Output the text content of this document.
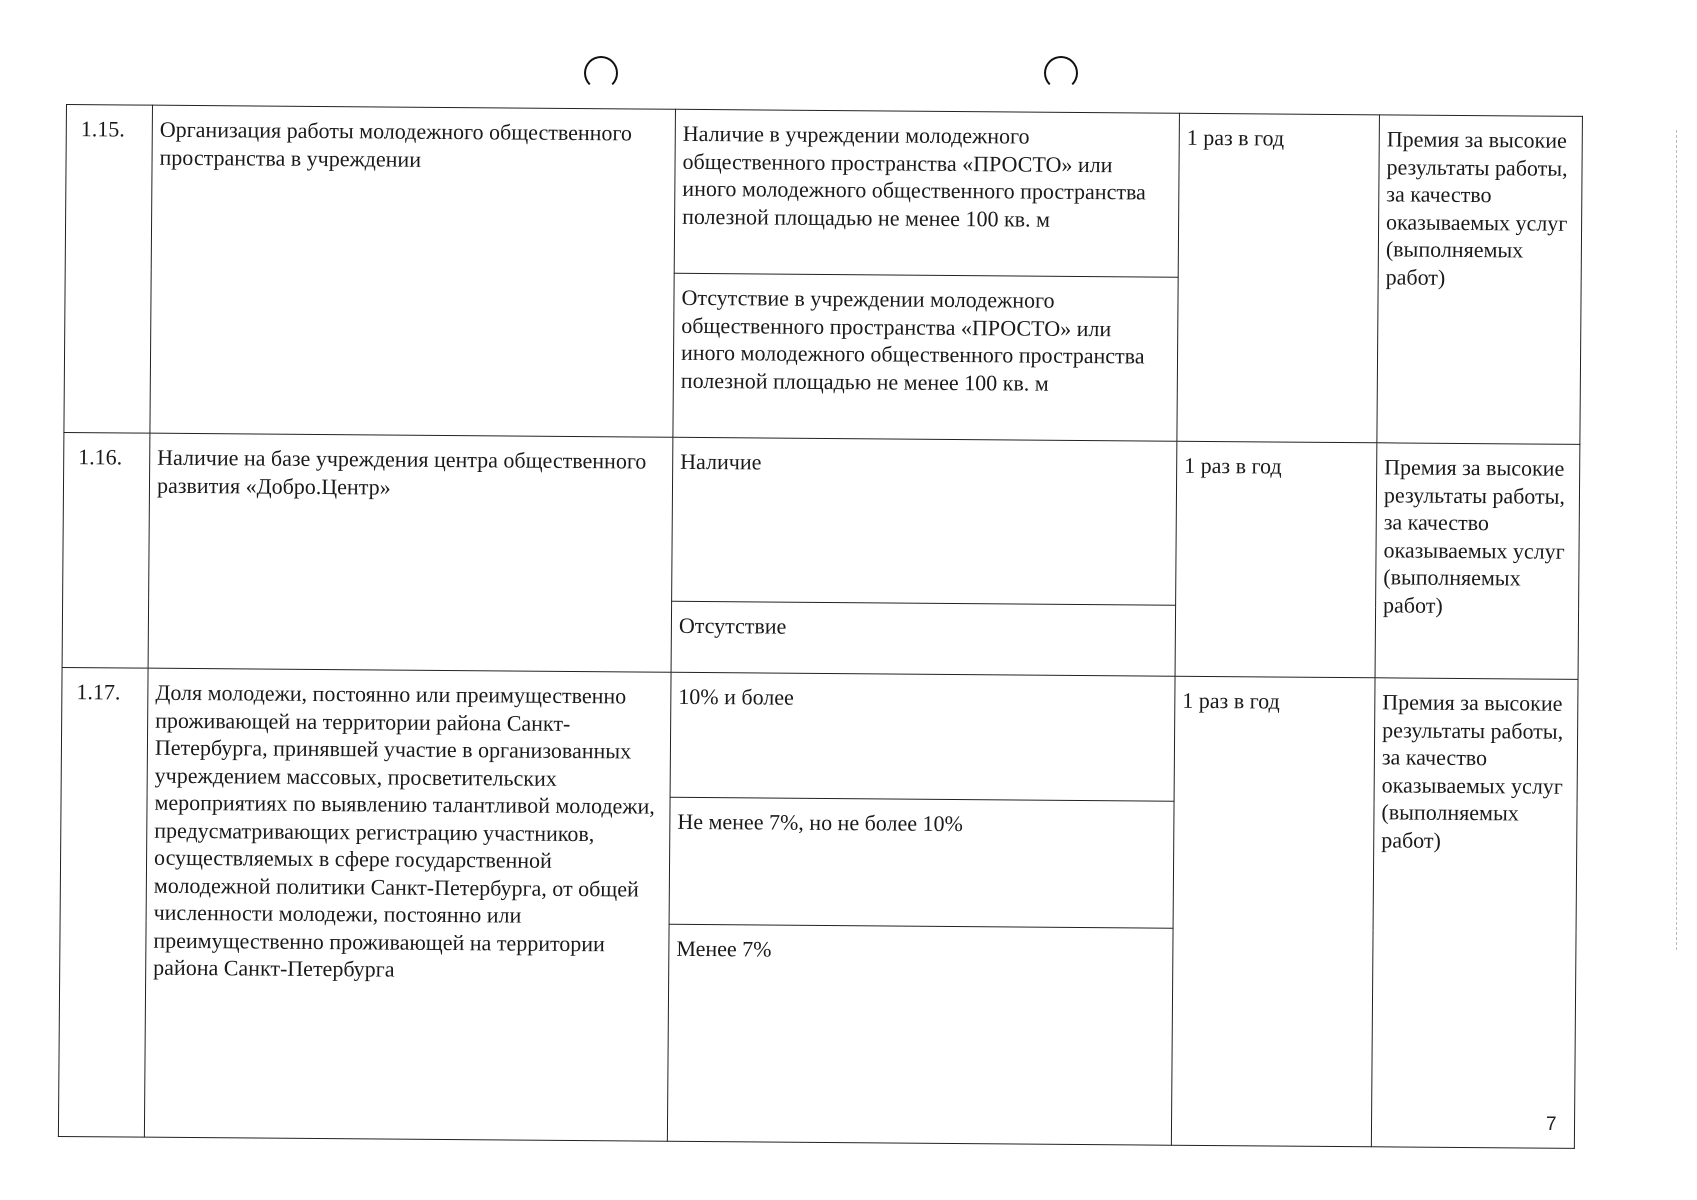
1.15.	Организация работы молодежного общественного пространства в учреждении	Наличие в учреждении молодежного общественного пространства «ПРОСТО» или иного молодежного общественного пространства полезной площадью не менее 100 кв. м	1 раз в год	Премия за высокие результаты работы, за качество оказываемых услуг (выполняемых работ)
		Отсутствие в учреждении молодежного общественного пространства «ПРОСТО» или иного молодежного общественного пространства полезной площадью не менее 100 кв. м		
1.16.	Наличие на базе учреждения центра общественного развития «Добро.Центр»	Наличие	1 раз в год	Премия за высокие результаты работы, за качество оказываемых услуг (выполняемых работ)
		Отсутствие		
1.17.	Доля молодежи, постоянно или преимущественно проживающей на территории района Санкт-Петербурга, принявшей участие в организованных учреждением массовых, просветительских мероприятиях по выявлению талантливой молодежи, предусматривающих регистрацию участников, осуществляемых в сфере государственной молодежной политики Санкт-Петербурга, от общей численности молодежи, постоянно или преимущественно проживающей на территории района Санкт-Петербурга	10% и более	1 раз в год	Премия за высокие результаты работы, за качество оказываемых услуг (выполняемых работ)
		Не менее 7%, но не более 10%		
		Менее 7%		
7
